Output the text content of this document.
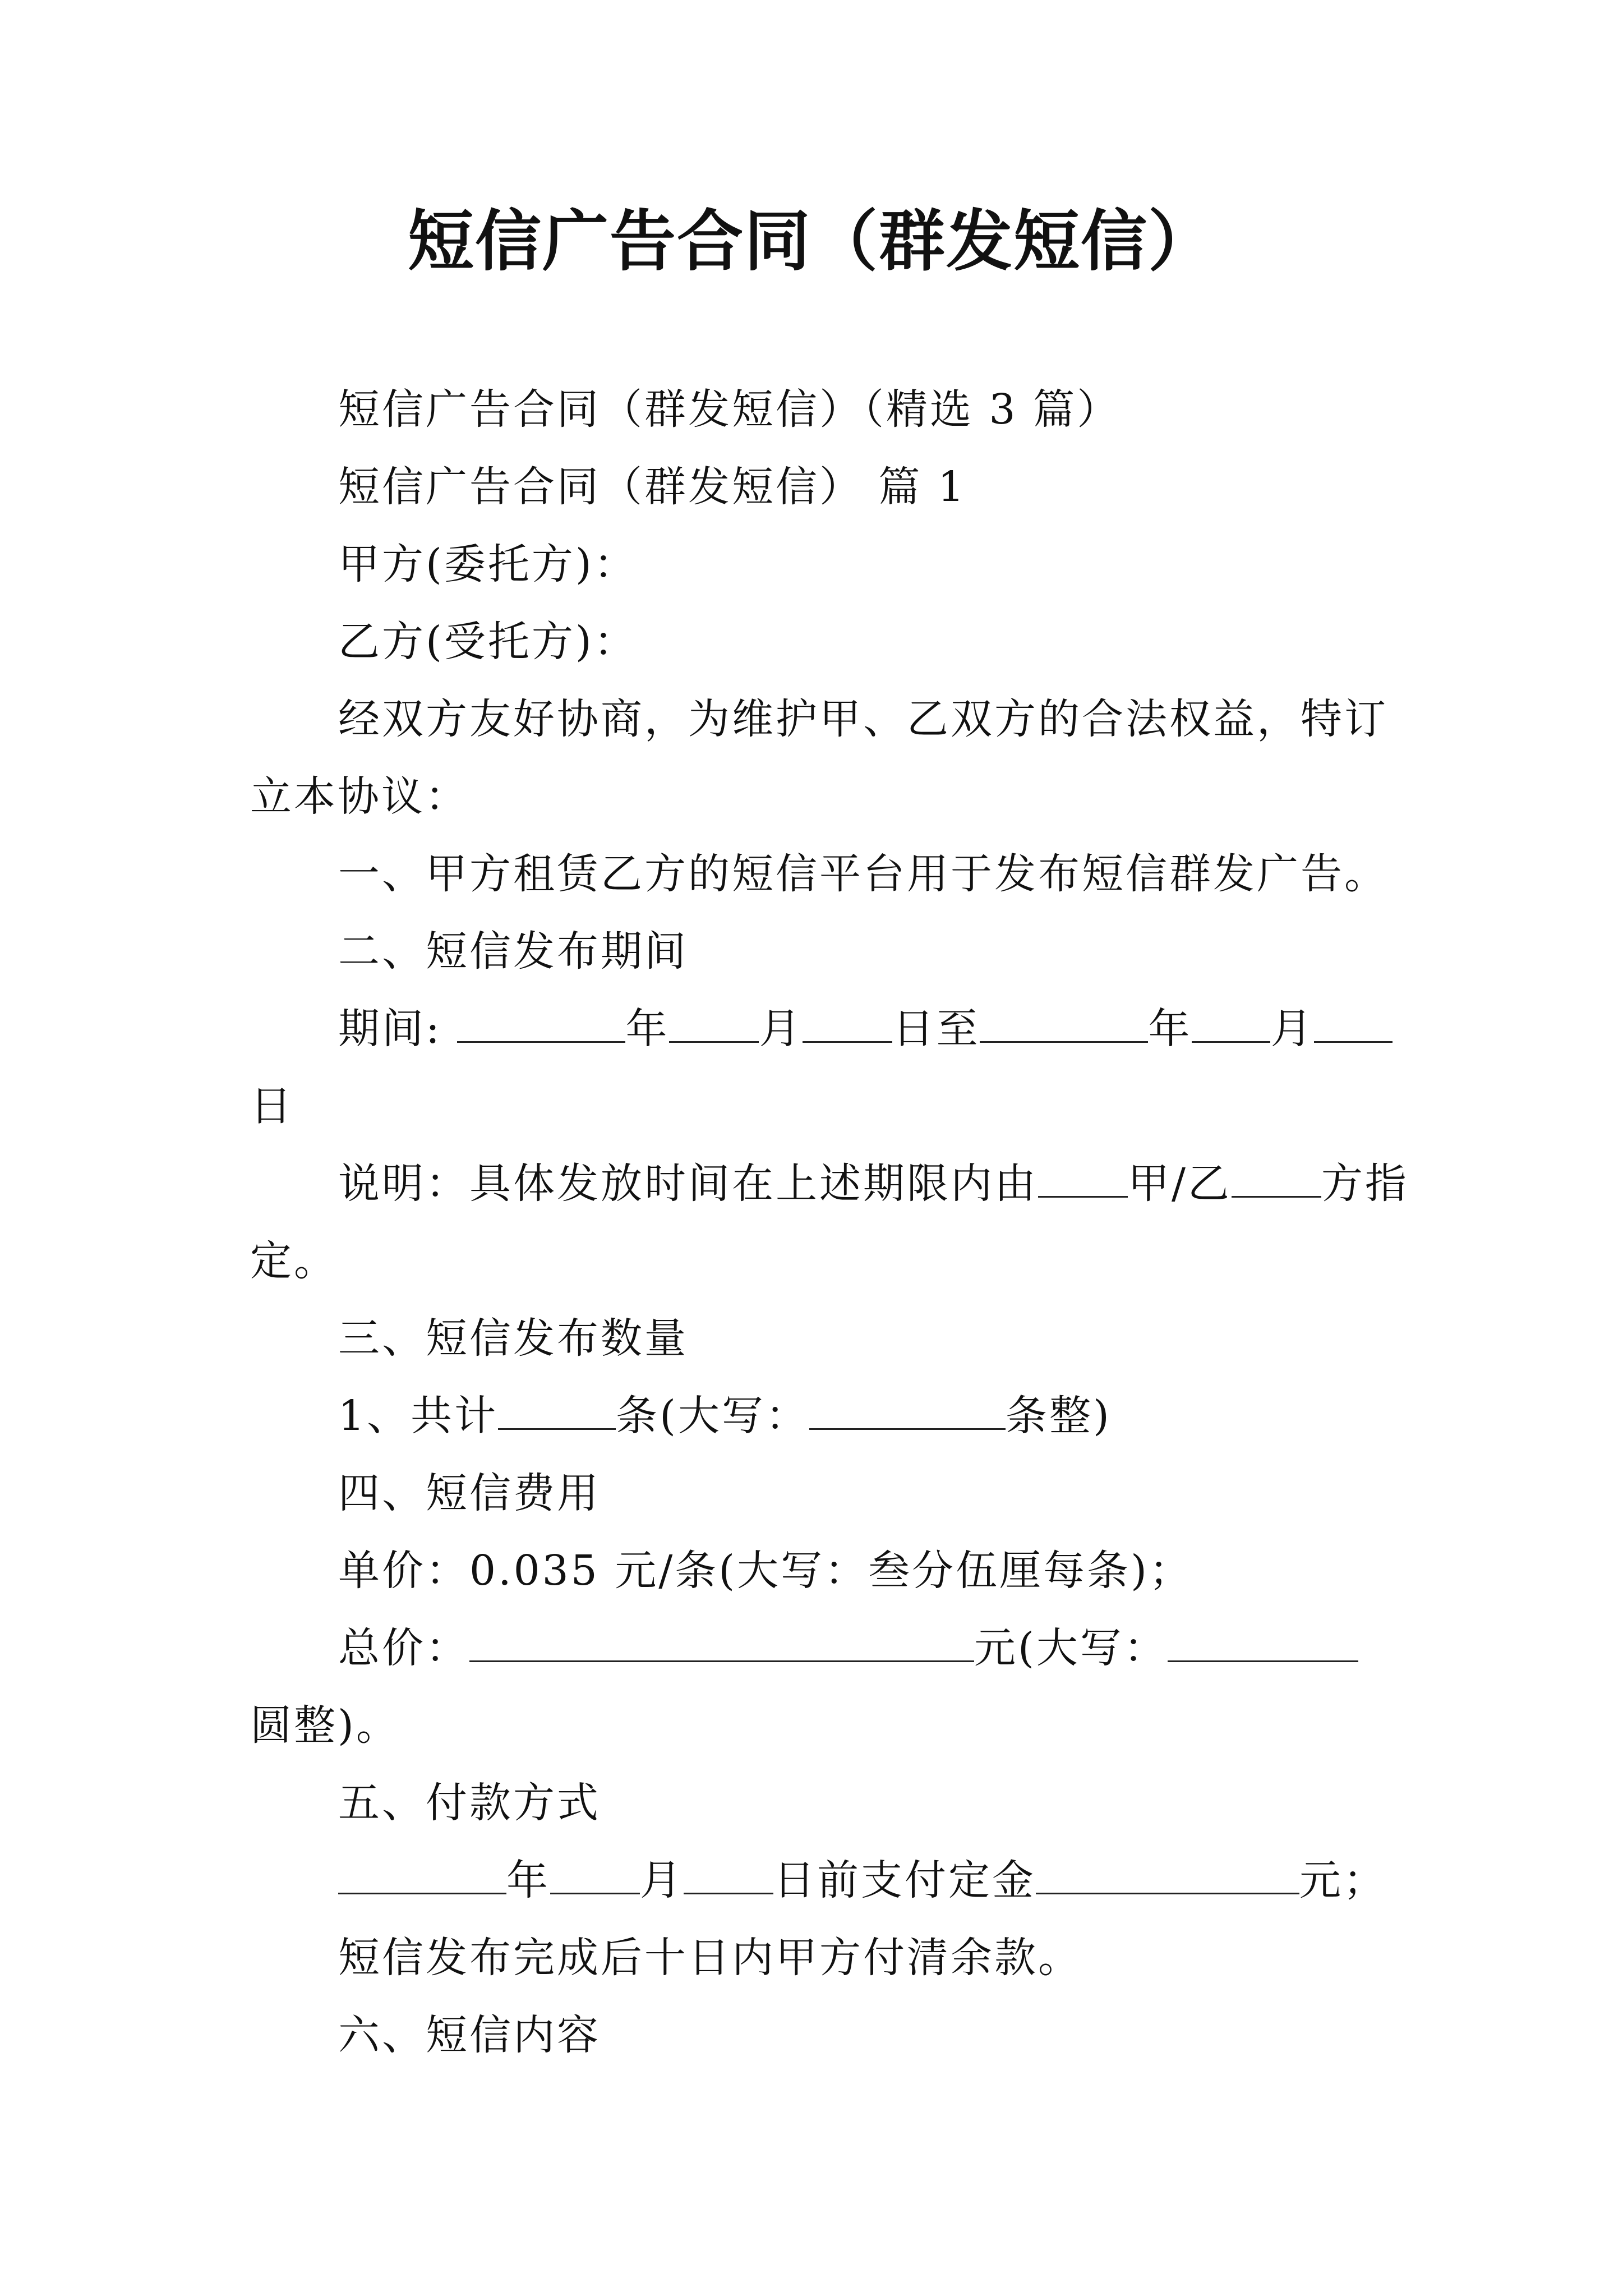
短信广告合同（群发短信）
短信广告合同（群发短信）（精选 3 篇）
短信广告合同（群发短信） 篇 1
甲方(委托方)：
乙方(受托方)：
经双方友好协商，为维护甲、乙双方的合法权益，特订
立本协议：
一、甲方租赁乙方的短信平台用于发布短信群发广告。
二、短信发布期间
期间:	年 月 日至	年 月
日
说明：具体发放时间在上述期限内由 甲/乙 方指
定。
三、短信发布数量
1、共计	条(大写：	条整)
四、短信费用
单价：0.035 元/条(大写：叁分伍厘每条)；
总价：	元(大写：
圆整)。
五、付款方式
年 月 日前支付定金	元；
短信发布完成后十日内甲方付清余款。
六、短信内容
